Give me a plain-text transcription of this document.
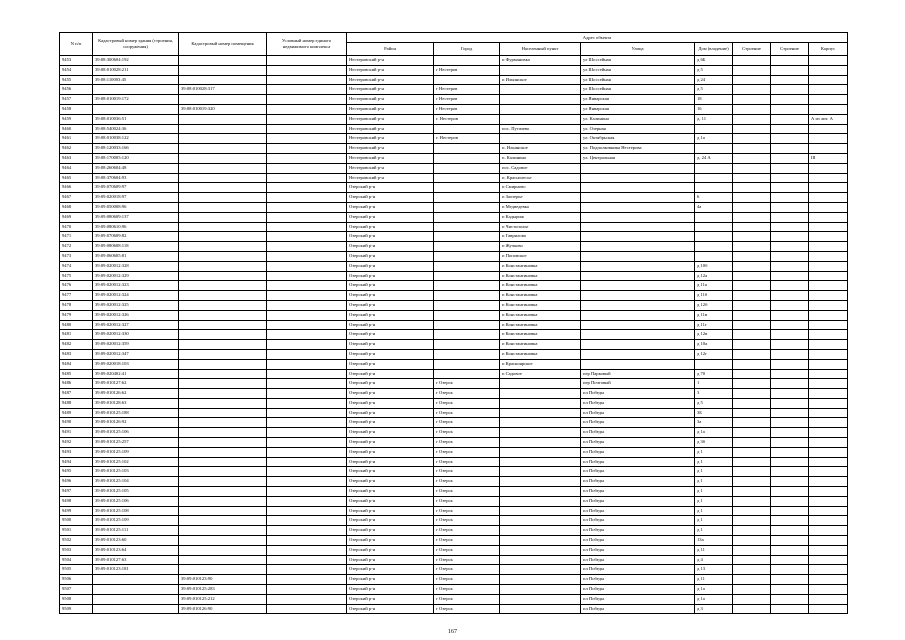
N п/п	Кадастровый номер здания (строения, сооружения)	Кадастровый номер помещения	Условный номер единого недвижимого комплекса	Адрес объекта							
				Район	Город	Населенный пункт	Улица	Дом (владение)	Строение	Строение	Корпус
9453	39:08:300604:192			Нестеровский р-н		п Фурмановка	ул Шоссейная	д 6Б			
9454	39:08:010028:211			Нестеровский р-н	г Нестеров		ул Шоссейная	д 5			
9455	39:08:110003:45			Нестеровский р-н		п Ильинское	ул Шоссейная	д 24			
9456		39:08:010028:317		Нестеровский р-н	г Нестеров		ул Шоссейная	д 5			
9457	39:08:010019:172			Нестеровский р-н	г Нестеров		ул Январская	18			
9458		39:08:010019:320		Нестеровский р-н	г Нестеров		ул Январская	16			
9459	39:08:010036:51			Нестеровский р-н	г. Нестеров		ул. Калинина	д. 11			А из лит. А
9460	39:08:540024:36			Нестеровский р-н		пос. Пугачево	ул. Озерная				
9461	39:08:010038:122			Нестеровский р-н	г. Нестеров		ул. Октябрьская	д 1а			
9462	39:08:120033:166			Нестеровский р-н		п. Ильинское	ул. Подполковника Нестерова				
9463	39:08:170005:120			Нестеровский р-н		п. Калинино	ул. Центральная	д. 24 А			III
9464	39:08:260604:48			Нестеровский р-н		пос. Садовое					
9465	39:08:370604:93			Нестеровский р-н		п. Краснолесье					
9466	39:09:070609:97			Озерский р-н		п Смирново					
9467	39:09:020018:97			Озерский р-н		п Заозерье		6			
9468	39:09:050008:96			Озерский р-н		п Медведевка		4а			
9469	39:09:080609:137			Озерский р-н		п Кадыриж					
9470	39:09:080610:96			Озерский р-н		п Чистополье					
9471	39:09:070609:82			Озерский р-н		п Гаврилово					
9472	39:09:080608:118			Озерский р-н		п Жучково					
9473	39:09:060605:81			Озерский р-н		п Поповское					
9474	39:09:020012:328			Озерский р-н		п Константиновка		д 10б			
9475	39:09:020012:329			Озерский р-н		п Константиновка		д 12а			
9476	39:09:020012:323			Озерский р-н		п Константиновка		д 11а			
9477	39:09:020012:324			Озерский р-н		п Константиновка		д 11б			
9478	39:09:020012:325			Озерский р-н		п Константиновка		д 12б			
9479	39:09:020012:326			Озерский р-н		п Константиновка		д 11в			
9480	39:09:020012:327			Озерский р-н		п Константиновка		д 11г			
9481	39:09:020012:330			Озерский р-н		п Константиновка		д 12в			
9482	39:09:020012:359			Озерский р-н		п Константиновка		д 10а			
9483	39:09:020012:347			Озерский р-н		п Константиновка		д 12г			
9484	39:09:020018:103			Озерский р-н		п Красноярское					
9485	39:09:020402:41			Озерский р-н		п Садовое	пер Парковый	д 70			
9486	39:09:010127:62			Озерский р-н	г Озерск		пер Почтовый	1			
9487	39:09:010126:62			Озерский р-н	г Озерск		пл Победы	3			
9488	39:09:010128:63			Озерский р-н	г Озерск		пл Победы	д 5			
9489	39:09:010125:188			Озерский р-н	г Озерск		пл Победы	3Б			
9490	39:09:010126:92			Озерский р-н	г Озерск		пл Победы	3а			
9491	39:09:010125:106			Озерский р-н	г Озерск		пл Победы	д 1а			
9492	39:09:010125:257			Озерский р-н	г Озерск		пл Победы	д 3б			
9493	39:09:010125:109			Озерский р-н	г Озерск		пл Победы	д 1			
9494	39:09:010125:102			Озерский р-н	г Озерск		пл Победы	д 1			
9495	39:09:010125:103			Озерский р-н	г Озерск		пл Победы	д 1			
9496	39:09:010125:104			Озерский р-н	г Озерск		пл Победы	д 1			
9497	39:09:010125:105			Озерский р-н	г Озерск		пл Победы	д 1			
9498	39:09:010125:106			Озерский р-н	г Озерск		пл Победы	д 1			
9499	39:09:010125:108			Озерский р-н	г Озерск		пл Победы	д 1			
9500	39:09:010125:109			Озерский р-н	г Озерск		пл Победы	д 1			
9501	39:09:010125:111			Озерский р-н	г Озерск		пл Победы	д 1			
9502	39:09:010123:60			Озерский р-н	г Озерск		пл Победы	13а			
9503	39:09:010123:64			Озерский р-н	г Озерск		пл Победы	д 11			
9504	39:09:010127:63			Озерский р-н	г Озерск		пл Победы	д 4			
9505	39:09:010123:181			Озерский р-н	г Озерск		пл Победы	д 13			
9506		39:09:010123:90		Озерский р-н	г Озерск		пл Победы	д 11			
9507		39:09:010125:283		Озерский р-н	г Озерск		пл Победы	д 1а			
9508		39:09:010125:212		Озерский р-н	г Озерск		пл Победы	д 1а			
9509		39:09:010126:90		Озерский р-н	г Озерск		пл Победы	д 3			
167
